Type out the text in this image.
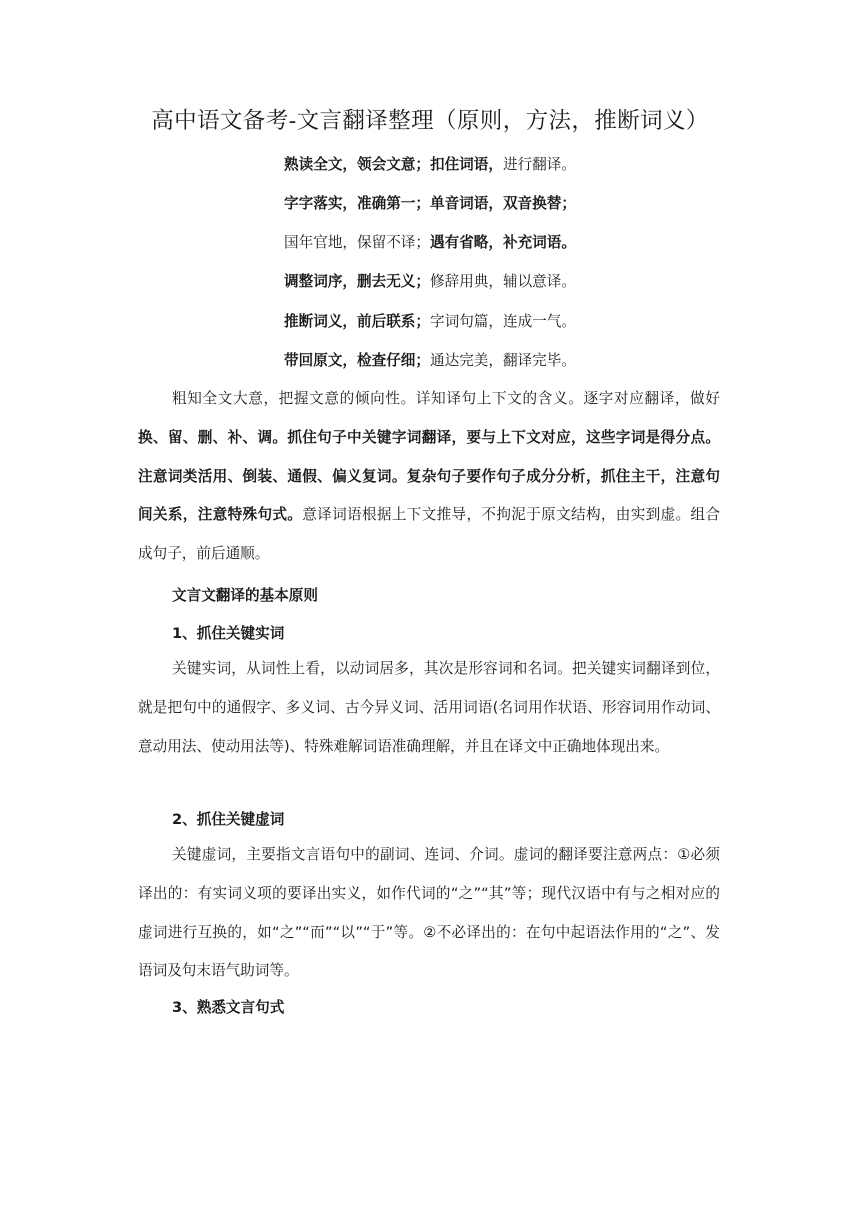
高中语文备考-文言翻译整理（原则，方法，推断词义）

熟读全文，领会文意；扣住词语，进行翻译。

字字落实，准确第一；单音词语，双音换替；

国年官地，保留不译；遇有省略，补充词语。

调整词序，删去无义；修辞用典，辅以意译。

推断词义，前后联系；字词句篇，连成一气。

带回原文，检查仔细；通达完美，翻译完毕。

粗知全文大意，把握文意的倾向性。详知译句上下文的含义。逐字对应翻译，做好换、留、删、补、调。抓住句子中关键字词翻译，要与上下文对应，这些字词是得分点。注意词类活用、倒装、通假、偏义复词。复杂句子要作句子成分分析，抓住主干，注意句间关系，注意特殊句式。意译词语根据上下文推导，不拘泥于原文结构，由实到虚。组合成句子，前后通顺。

文言文翻译的基本原则

1、抓住关键实词

关键实词，从词性上看，以动词居多，其次是形容词和名词。把关键实词翻译到位，就是把句中的通假字、多义词、古今异义词、活用词语(名词用作状语、形容词用作动词、意动用法、使动用法等)、特殊难解词语准确理解，并且在译文中正确地体现出来。

2、抓住关键虚词

关键虚词，主要指文言语句中的副词、连词、介词。虚词的翻译要注意两点：①必须译出的：有实词义项的要译出实义，如作代词的“之”“其”等；现代汉语中有与之相对应的虚词进行互换的，如“之”“而”“以”“于”等。②不必译出的：在句中起语法作用的“之”、发语词及句末语气助词等。

3、熟悉文言句式
